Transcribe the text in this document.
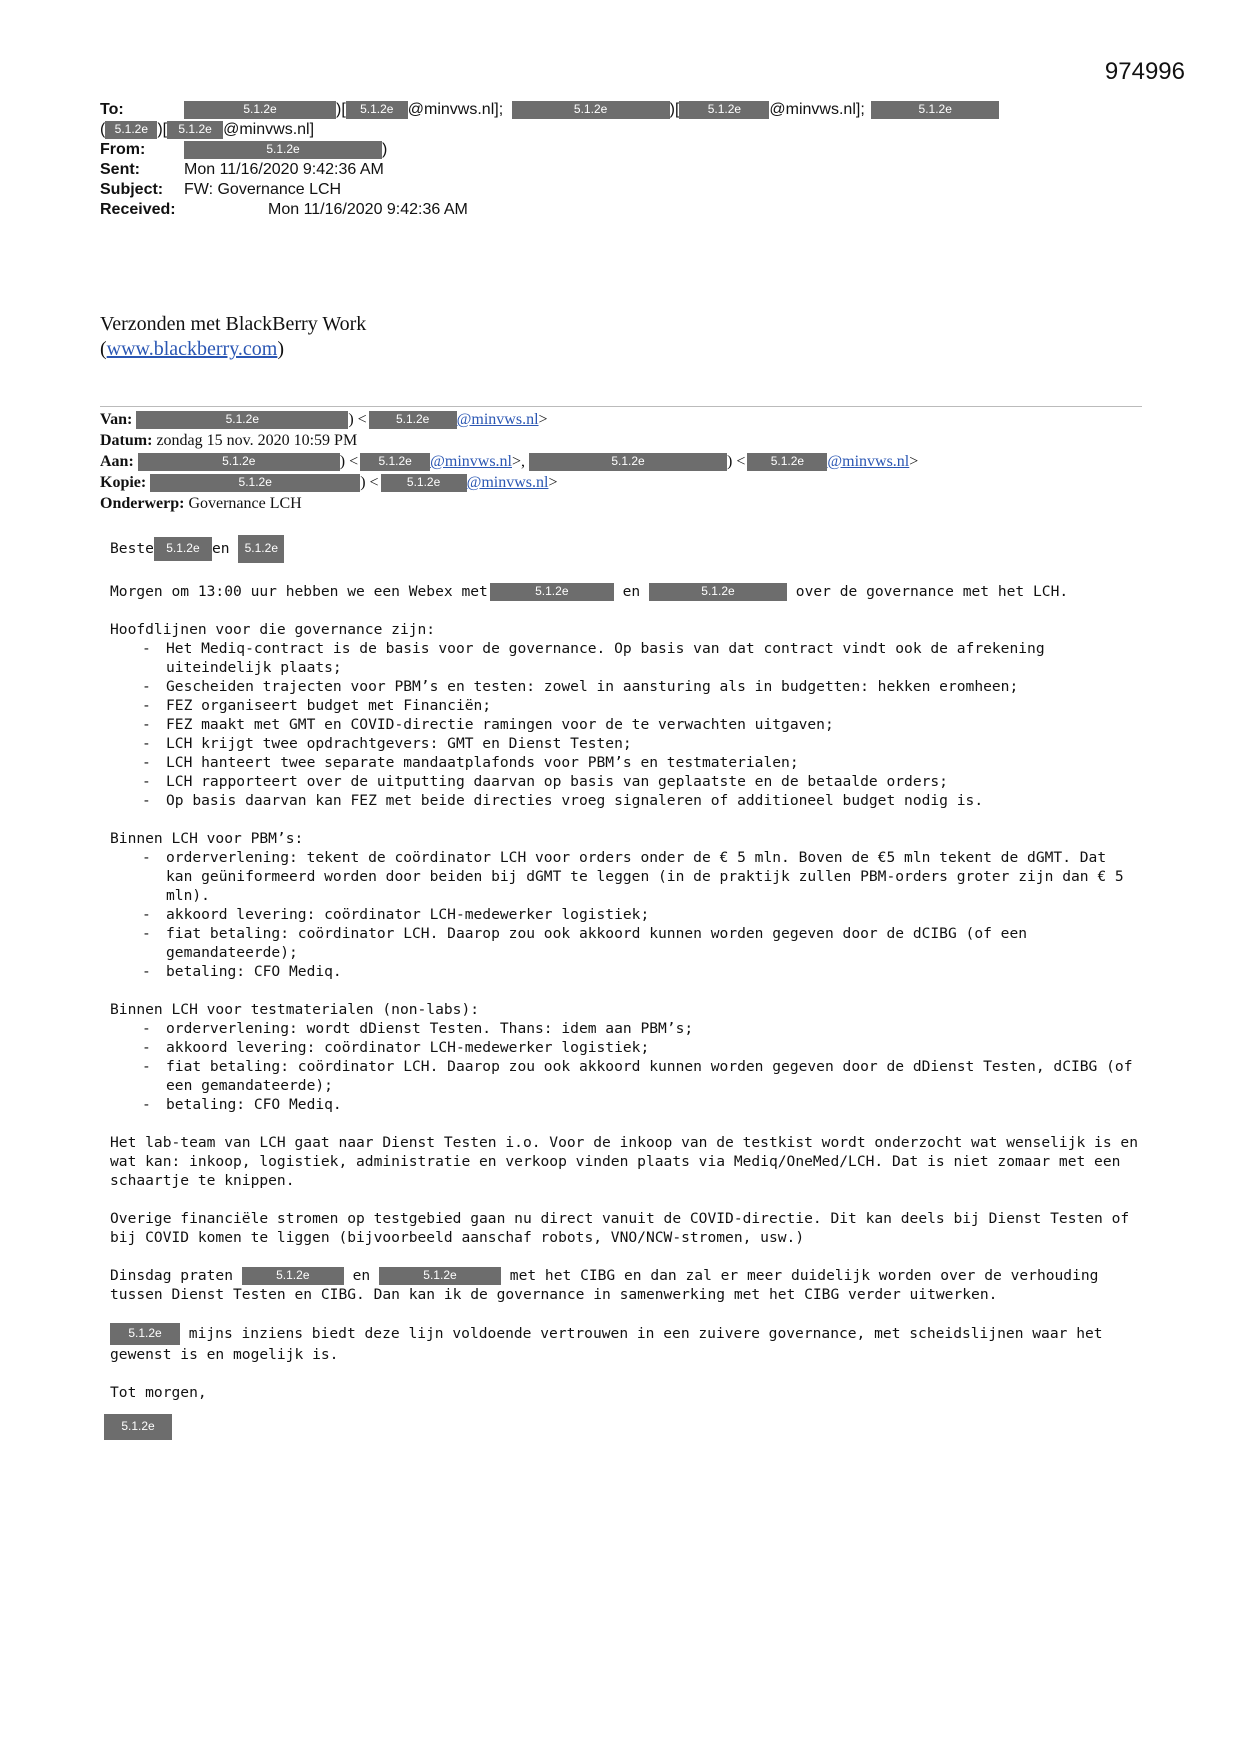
974996
To:	5.1.2e	)[ 5.1.2e @minvws.nl];	5.1.2e	)[ 5.1.2e @minvws.nl];	5.1.2e
( 5.1.2e )[ 5.1.2e @minvws.nl]
From:	5.1.2e	)
Sent:	Mon 11/16/2020 9:42:36 AM
Subject: FW: Governance LCH
Received:	Mon 11/16/2020 9:42:36 AM
Verzonden met BlackBerry Work
(www.blackberry.com)
Van:	5.1.2e	) < 5.1.2e @minvws.nl>
Datum: zondag 15 nov. 2020 10:59 PM
Aan:	5.1.2e	) < 5.1.2e @minvws.nl>,	5.1.2e	) < 5.1.2e @minvws.nl>
Kopie:	5.1.2e	) < 5.1.2e @minvws.nl>
Onderwerp: Governance LCH

Beste 5.1.2e en 5.1.2e

Morgen om 13:00 uur hebben we een Webex met	5.1.2e	en	5.1.2e	over de governance met het LCH.

Hoofdlijnen voor die governance zijn:

- Het Mediq-contract is de basis voor de governance. Op basis van dat contract vindt ook de afrekening uiteindelijk plaats;
- Gescheiden trajecten voor PBM’s en testen: zowel in aansturing als in budgetten: hekken eromheen;
- FEZ organiseert budget met Financiën;
- FEZ maakt met GMT en COVID-directie ramingen voor de te verwachten uitgaven;
- LCH krijgt twee opdrachtgevers: GMT en Dienst Testen;
- LCH hanteert twee separate mandaatplafonds voor PBM’s en testmaterialen;
- LCH rapporteert over de uitputting daarvan op basis van geplaatste en de betaalde orders;
- Op basis daarvan kan FEZ met beide directies vroeg signaleren of additioneel budget nodig is.

Binnen LCH voor PBM’s:

- orderverlening: tekent de coördinator LCH voor orders onder de € 5 mln. Boven de €5 mln tekent de dGMT. Dat kan geüniformeerd worden door beiden bij dGMT te leggen (in de praktijk zullen PBM-orders groter zijn dan € 5 mln).
- akkoord levering: coördinator LCH-medewerker logistiek;
- fiat betaling: coördinator LCH. Daarop zou ook akkoord kunnen worden gegeven door de dCIBG (of een gemandateerde);
- betaling: CFO Mediq.

Binnen LCH voor testmaterialen (non-labs):

- orderverlening: wordt dDienst Testen. Thans: idem aan PBM’s;
- akkoord levering: coördinator LCH-medewerker logistiek;
- fiat betaling: coördinator LCH. Daarop zou ook akkoord kunnen worden gegeven door de dDienst Testen, dCIBG (of een gemandateerde);
- betaling: CFO Mediq.

Het lab-team van LCH gaat naar Dienst Testen i.o. Voor de inkoop van de testkist wordt onderzocht wat wenselijk is en wat kan: inkoop, logistiek, administratie en verkoop vinden plaats via Mediq/OneMed/LCH. Dat is niet zomaar met een schaartje te knippen.

Overige financiële stromen op testgebied gaan nu direct vanuit de COVID-directie. Dit kan deels bij Dienst Testen of bij COVID komen te liggen (bijvoorbeeld aanschaf robots, VNO/NCW-stromen, usw.)

Dinsdag praten	5.1.2e	en	5.1.2e	met het CIBG en dan zal er meer duidelijk worden over de verhouding tussen Dienst Testen en CIBG. Dan kan ik de governance in samenwerking met het CIBG verder uitwerken.

5.1.2e mijns inziens biedt deze lijn voldoende vertrouwen in een zuivere governance, met scheidslijnen waar het gewenst is en mogelijk is.

Tot morgen,

5.1.2e
